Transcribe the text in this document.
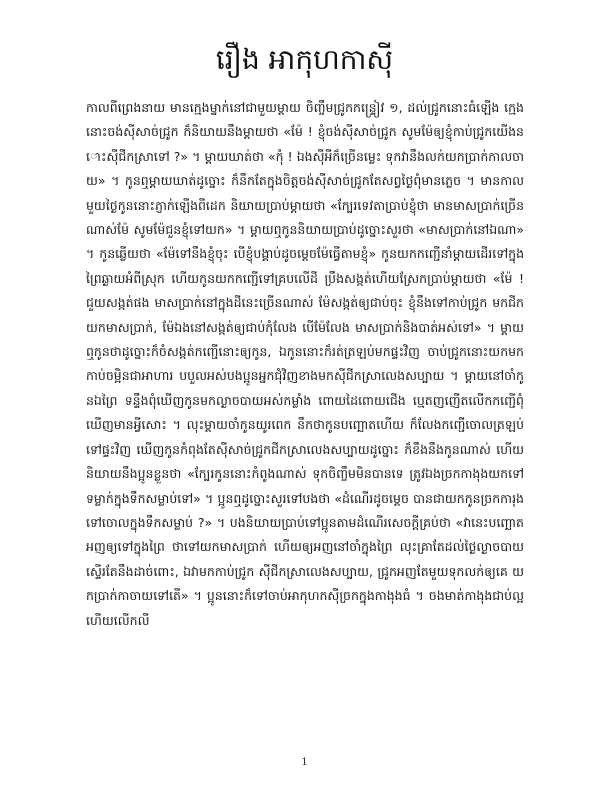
រឿង អាកុហកាស៊ី

កាលពីព្រេងនាយ មានក្មេងម្នាក់នៅជាមួយម្ដាយ ចិញ្ចឹមជ្រូកកន្ទ្រៀវ ១, ដល់ជ្រូកនោះធំឡើង ក្មេងនោះចង់ស៊ីសាច់ជ្រូក ក៏និយាយនឹងម្ដាយថា «ម៉ែ ! ខ្ញុំចង់ស៊ីសាច់ជ្រូក សូមម៉ែឲ្យខ្ញុំកាប់ជ្រូកយើងនោះស៊ីជីកស្រាទៅ ?» ។ ម្ដាយឃាត់ថា «កុំ ! ឯងស៊ីអីក៏ច្រើនម្លេះ ទុកវានឹងលក់យកប្រាក់កាលចាយ» ។ កូនឮម្ដាយឃាត់ដូច្នោះ ក៏នឹកតែក្នុងចិត្តចង់ស៊ីសាច់ជ្រូកតែសព្វថ្ងៃពុំមានភ្លេច ។ មានកាលមួយថ្ងៃកូននោះភ្ញាក់ឡើងពីដេក និយាយប្រាប់ម្ដាយថា «ក្បែរទេវតាប្រាប់ខ្ញុំថា មានមាសប្រាក់ច្រើនណាស់ម៉ែ សូមម៉ែជួនខ្ញុំទៅយក» ។ ម្ដាយឮកូននិយាយប្រាប់ដូច្នោះសួរថា «មាសប្រាក់នៅឯណា» ។ កូនឆ្លើយថា «ម៉ែទៅនឹងខ្ញុំចុះ បើខ្ញុំបង្គាប់ដូចម្ដេចម៉ែធ្វើតាមខ្ញុំ» កូនយកកញ្ជើនាំម្ដាយដើរទៅក្នុងព្រៃឆ្ងាយអំពីស្រុក ហើយកូនយកកញ្ជើទៅគ្របលើដី ប្រឹងសង្កត់ហើយស្រែកប្រាប់ម្ដាយថា «ម៉ែ ! ជួយសង្កត់ផង មាសប្រាក់នៅក្នុងដីនេះច្រើនណាស់ ម៉ែសង្កត់ឲ្យជាប់ចុះ ខ្ញុំនឹងទៅកាប់ជ្រូក មកជីកយកមាសប្រាក់, ម៉ែឯងនៅសង្កត់ឲ្យជាប់កុំលែង បើម៉ែលែង មាសប្រាក់និងបាត់អស់ទៅ» ។ ម្ដាយឮកូនថាដូច្នោះក៏ចំសង្កត់កញ្ជើនោះឲ្យកូន, ឯកូននោះក៏រត់ត្រឡប់មកផ្ទះវិញ ចាប់ជ្រូកនោះយកមកកាប់ចម្អិនជាអាហារ បបួលអស់បងប្អូនអ្នកជុំវិញខាងមកស៊ីជីកស្រាលេងសប្បាយ ។ ម្ដាយនៅចាំកូនឯព្រៃ ទន្ទឹងពុំឃើញកូនមកល្ងាចបាយអស់កម្លាំង ពោយដៃពោយជើង បេ្មតញញើតលើកកញ្ជើពុំឃើញមានអ្វីសោះ ។ លុះម្ដាយចាំកូនយូរពេក នឹកថាកូនបញ្ឆោតហើយ ក៏លែងកញ្ជើចោលត្រឡប់ទៅផ្ទះវិញ ឃើញកូនកំពុងតែស៊ីសាច់ជ្រូកជីកស្រាលេងសប្បាយដូច្នោះ ក៏ខឹងនឹងកូនណាស់ ហើយនិយាយនឹងប្អូនខ្លួនថា «ក្បែរកូននោះកំពូងណាស់ ទុកចិញ្ចឹមមិនបានទេ ត្រូវឯងច្រកកាងុងយកទៅទម្លាក់ក្នុងទឹកសម្លាប់ទៅ» ។ ប្អូនឮដូច្នោះសួរទៅបងថា «ដំណើរដូចម្ដេច បានជាយកកូនច្រកការុងទៅចោលក្នុងទឹកសម្លាប់ ?» ។ បងនិយាយប្រាប់ទៅប្អូនតាមដំណើរសេចក្ដីគ្រប់ថា «វានេះបញ្ឆោតអញឲ្យទៅក្នុងព្រៃ ថាទៅយកមាសប្រាក់ ហើយឲ្យអញនៅចាំក្នុងព្រៃ លុះគ្រាតែដល់ថ្ងៃល្ងាចបាយស្ទើរតែនឹងដាច់ពោះ, ឯវាមកកាប់ជ្រូក ស៊ីជីកស្រាលេងសប្បាយ, ជ្រូកអញតែមួយទុកលក់ឲ្យគេ យកប្រាក់កាចាយទៅតើ» ។ ប្អូននោះក៏ទៅចាប់អាកុហកស៊ីច្រកក្នុងកាងុងធំ ។ ចងមាត់កាងុងជាប់ល្អ ហើយលើកលី

1
